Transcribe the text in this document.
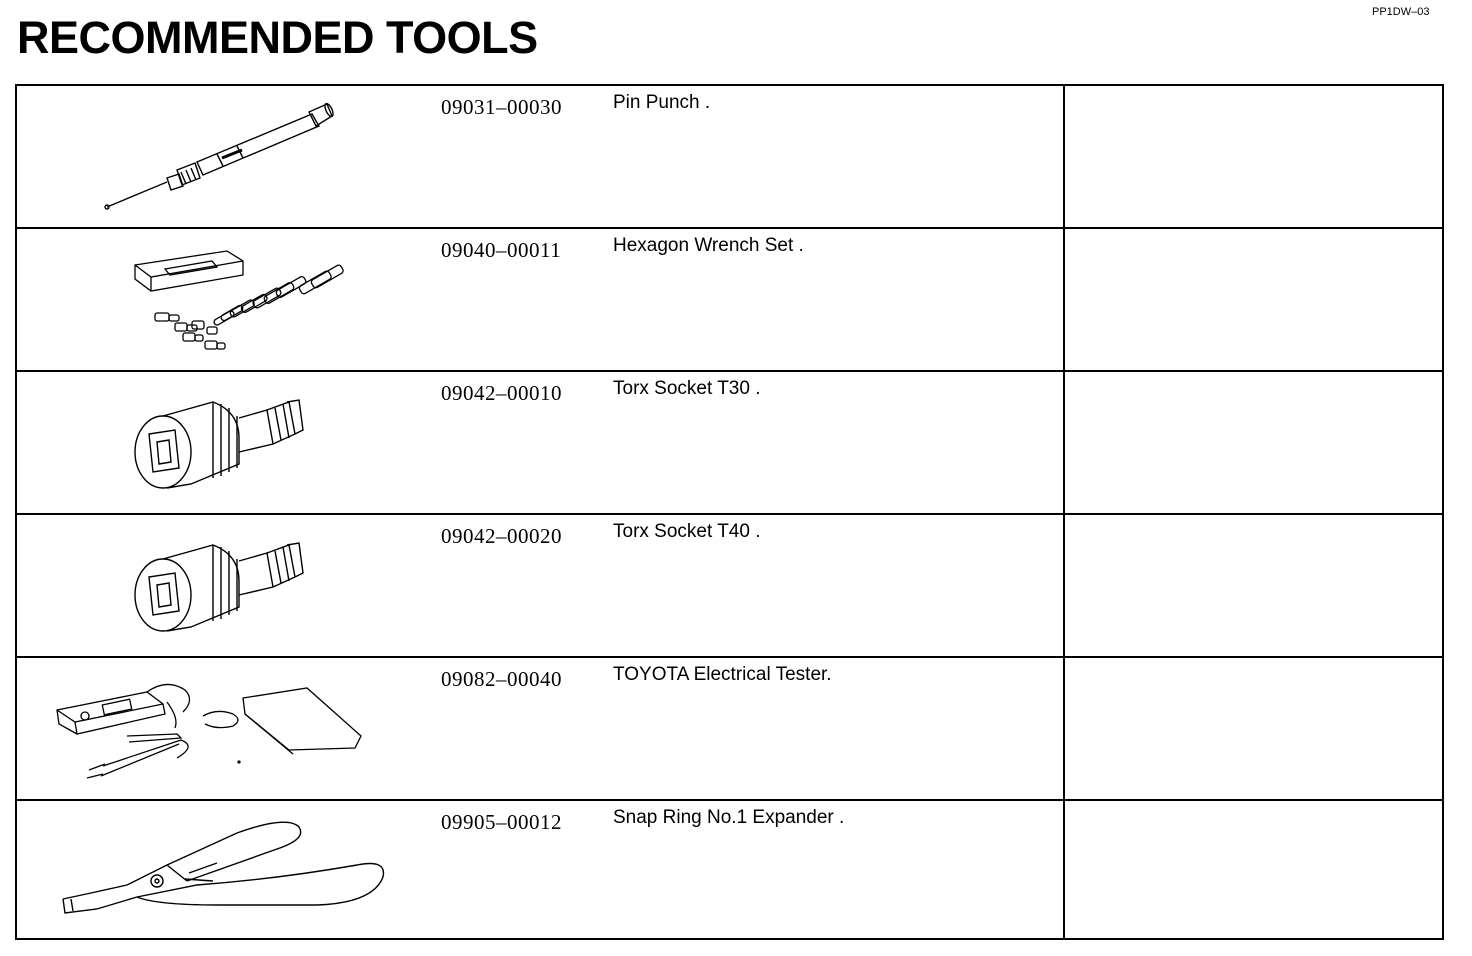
PP1DW–03
RECOMMENDED TOOLS
09031–00030	Pin Punch .
09040–00011	Hexagon Wrench Set .
09042–00010	Torx Socket T30 .
09042–00020	Torx Socket T40 .
09082–00040	TOYOTA Electrical Tester.
09905–00012	Snap Ring No.1 Expander .
